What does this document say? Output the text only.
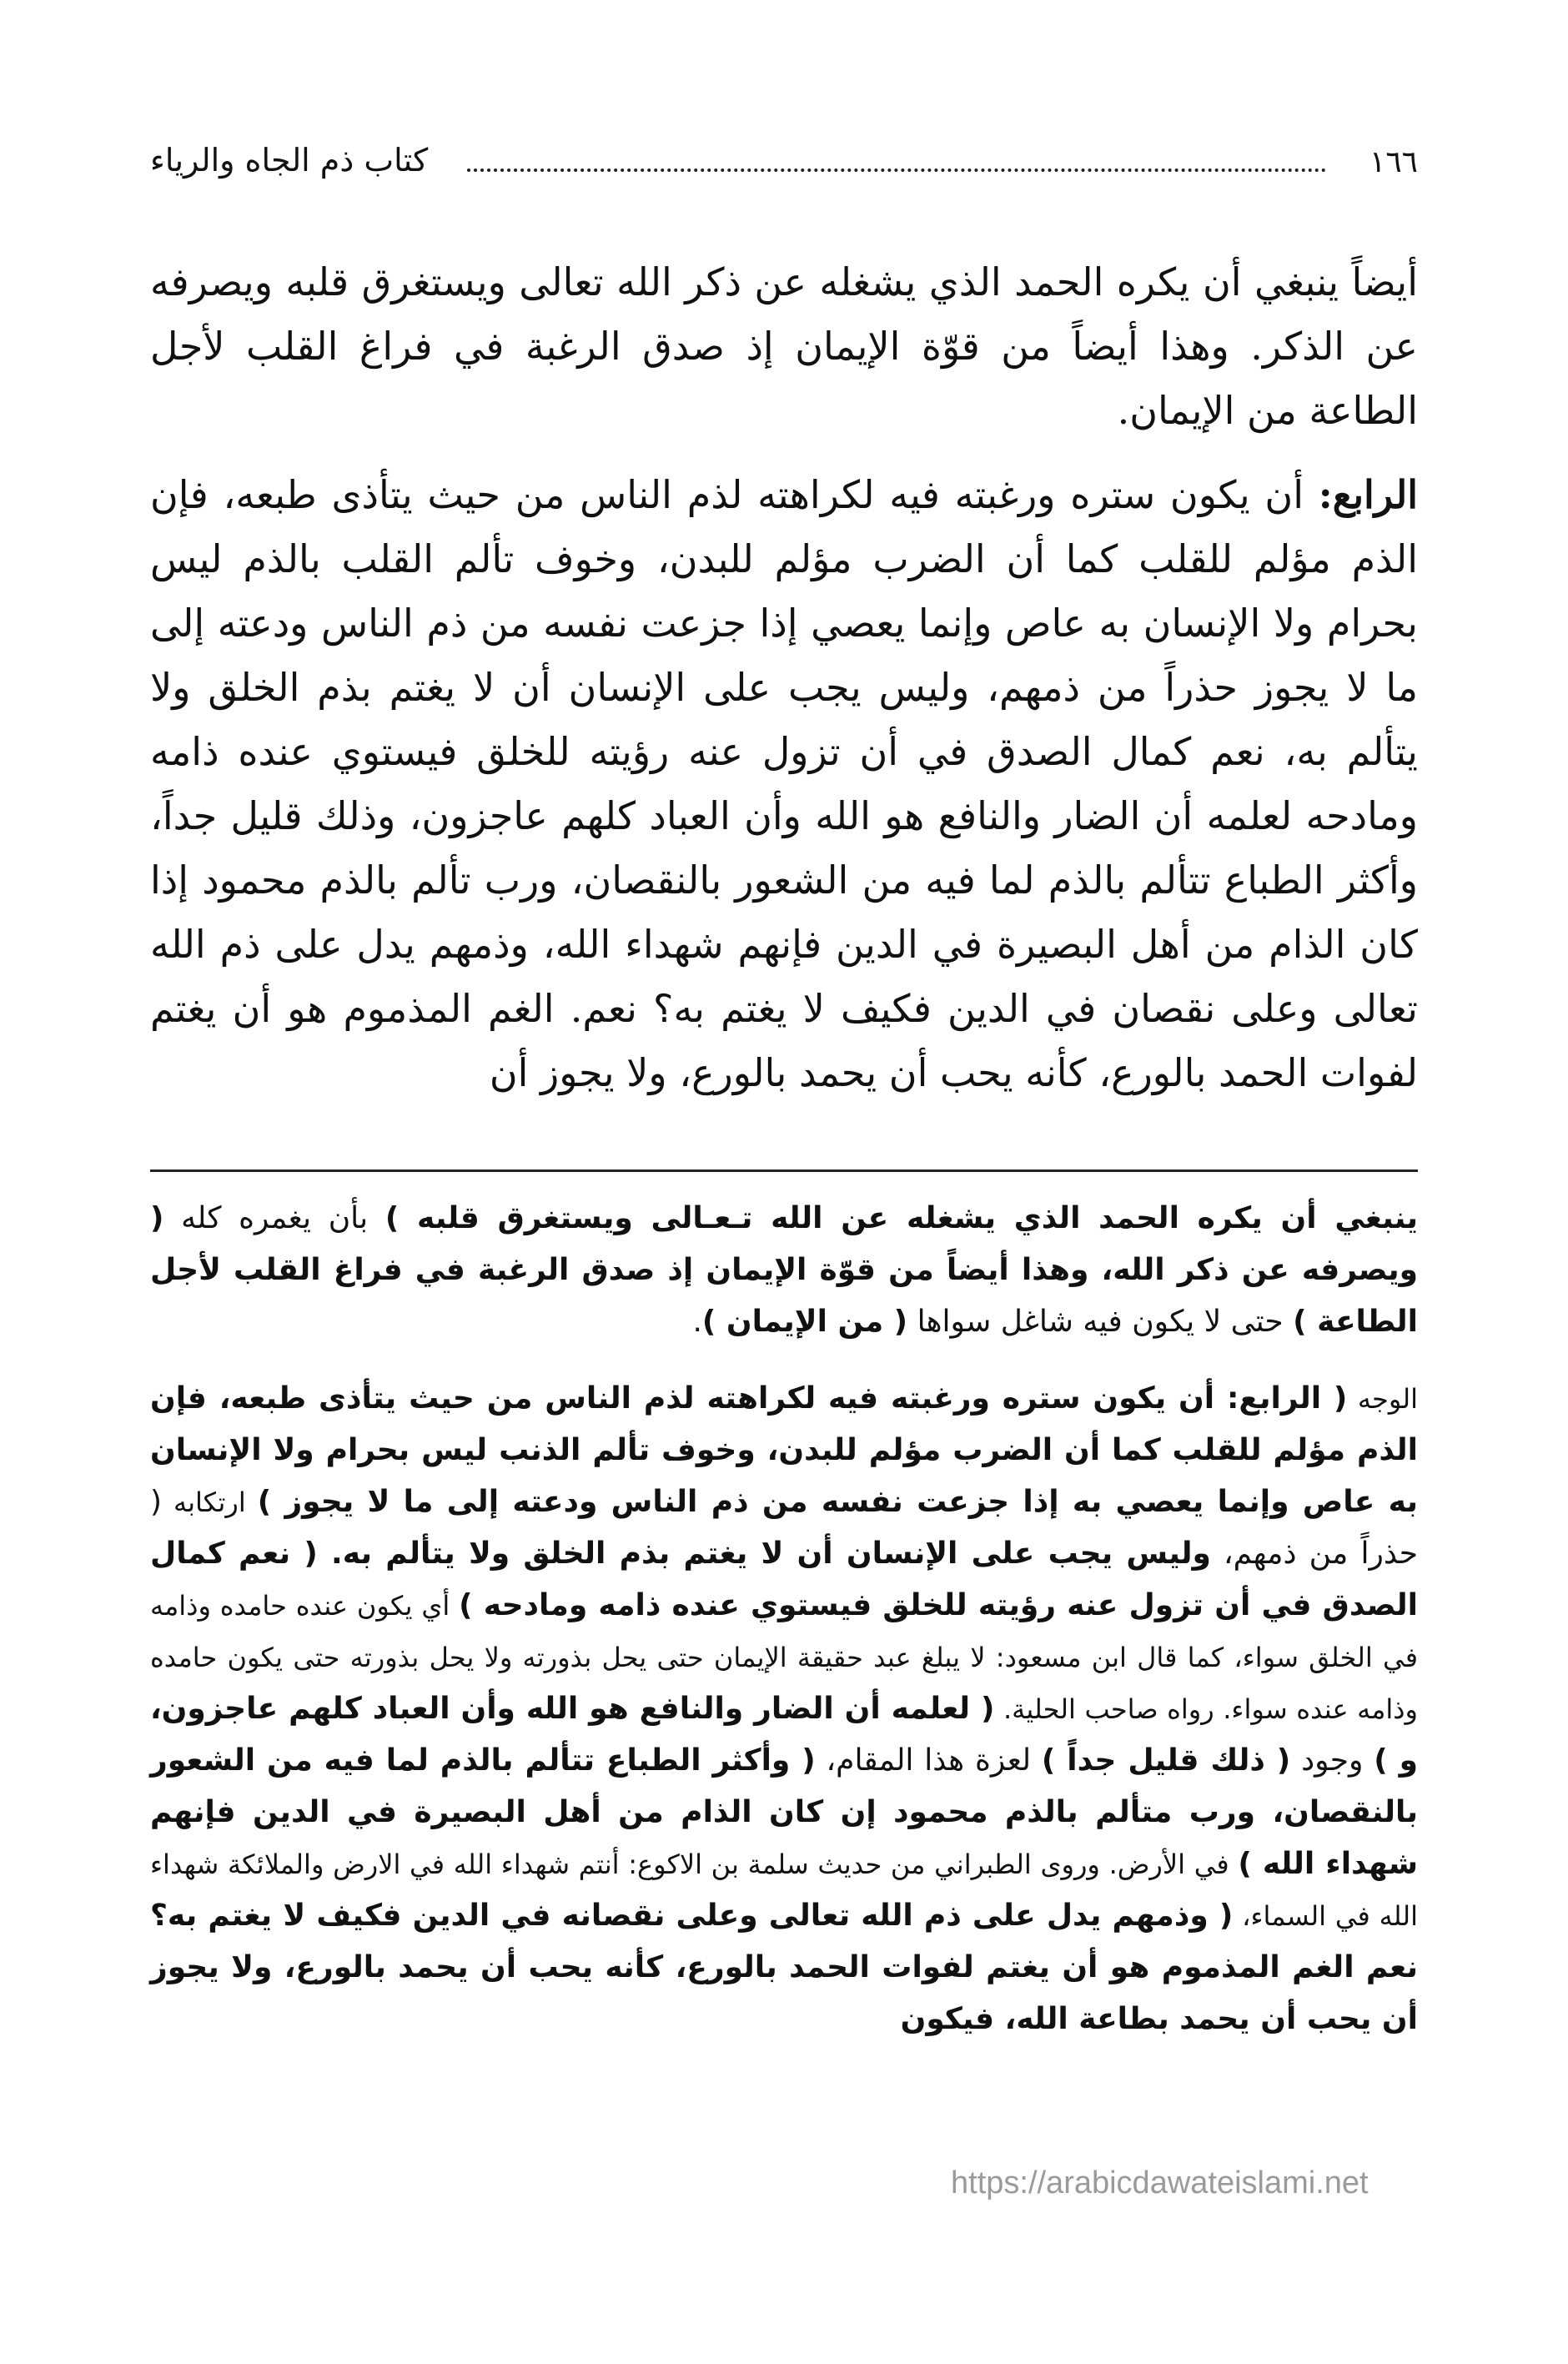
١٦٦
كتاب ذم الجاه والرياء

أيضاً ينبغي أن يكره الحمد الذي يشغله عن ذكر الله تعالى ويستغرق قلبه ويصرفه عن الذكر. وهذا أيضاً من قوّة الإيمان إذ صدق الرغبة في فراغ القلب لأجل الطاعة من الإيمان.

الرابع: أن يكون ستره ورغبته فيه لكراهته لذم الناس من حيث يتأذى طبعه، فإن الذم مؤلم للقلب كما أن الضرب مؤلم للبدن، وخوف تألم القلب بالذم ليس بحرام ولا الإنسان به عاص وإنما يعصي إذا جزعت نفسه من ذم الناس ودعته إلى ما لا يجوز حذراً من ذمهم، وليس يجب على الإنسان أن لا يغتم بذم الخلق ولا يتألم به، نعم كمال الصدق في أن تزول عنه رؤيته للخلق فيستوي عنده ذامه ومادحه لعلمه أن الضار والنافع هو الله وأن العباد كلهم عاجزون، وذلك قليل جداً، وأكثر الطباع تتألم بالذم لما فيه من الشعور بالنقصان، ورب تألم بالذم محمود إذا كان الذام من أهل البصيرة في الدين فإنهم شهداء الله، وذمهم يدل على ذم الله تعالى وعلى نقصان في الدين فكيف لا يغتم به؟ نعم. الغم المذموم هو أن يغتم لفوات الحمد بالورع، كأنه يحب أن يحمد بالورع، ولا يجوز أن

ينبغي أن يكره الحمد الذي يشغله عن الله تـعـالى ويستغرق قلبه ) بأن يغمره كله ( ويصرفه عن ذكر الله، وهذا أيضاً من قوّة الإيمان إذ صدق الرغبة في فراغ القلب لأجل الطاعة ) حتى لا يكون فيه شاغل سواها ( من الإيمان ).

الوجه ( الرابع: أن يكون ستره ورغبته فيه لكراهته لذم الناس من حيث يتأذى طبعه، فإن الذم مؤلم للقلب كما أن الضرب مؤلم للبدن، وخوف تألم الذنب ليس بحرام ولا الإنسان به عاص وإنما يعصي به إذا جزعت نفسه من ذم الناس ودعته إلى ما لا يجوز ) ارتكابه ( حذراً من ذمهم، وليس يجب على الإنسان أن لا يغتم بذم الخلق ولا يتألم به. ( نعم كمال الصدق في أن تزول عنه رؤيته للخلق فيستوي عنده ذامه ومادحه ) أي يكون عنده حامده وذامه في الخلق سواء، كما قال ابن مسعود: لا يبلغ عبد حقيقة الإيمان حتى يحل بذورته ولا يحل بذورته حتى يكون حامده وذامه عنده سواء. رواه صاحب الحلية. ( لعلمه أن الضار والنافع هو الله وأن العباد كلهم عاجزون، و ) وجود ( ذلك قليل جداً ) لعزة هذا المقام، ( وأكثر الطباع تتألم بالذم لما فيه من الشعور بالنقصان، ورب متألم بالذم محمود إن كان الذام من أهل البصيرة في الدين فإنهم شهداء الله ) في الأرض. وروى الطبراني من حديث سلمة بن الاكوع: أنتم شهداء الله في الارض والملائكة شهداء الله في السماء، ( وذمهم يدل على ذم الله تعالى وعلى نقصانه في الدين فكيف لا يغتم به؟ نعم الغم المذموم هو أن يغتم لفوات الحمد بالورع، كأنه يحب أن يحمد بالورع، ولا يجوز أن يحب أن يحمد بطاعة الله، فيكون

https://arabicdawateislami.net
